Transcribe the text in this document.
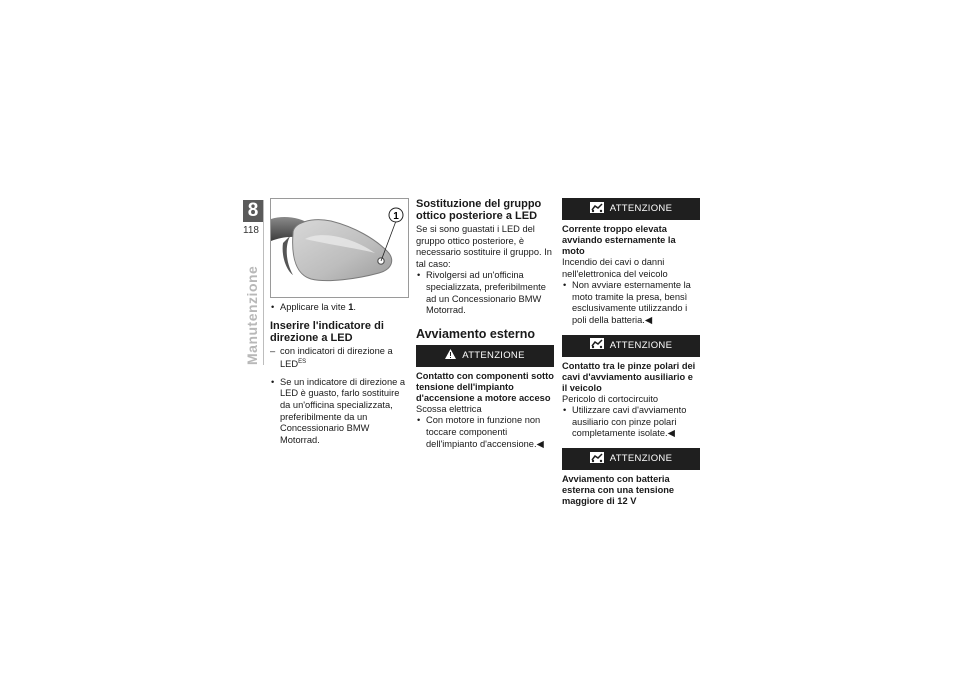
8
118
Manutenzione
1

• Applicare la vite 1.

Inserire l'indicatore di direzione a LED

– con indicatori di direzione a $LED^{ES}$

• Se un indicatore di direzione a LED è guasto, farlo sostituire da un'officina specializzata, preferibilmente da un Concessionario BMW Motorrad.

Sostituzione del gruppo ottico posteriore a LED

Se si sono guastati i LED del gruppo ottico posteriore, è necessario sostituire il gruppo. In tal caso:

• Rivolgersi ad un'officina specializzata, preferibilmente ad un Concessionario BMW Motorrad.

Avviamento esterno
ATTENZIONE

Contatto con componenti sotto tensione dell'impianto d'accensione a motore acceso

Scossa elettrica

• Con motore in funzione non toccare componenti dell'impianto d'accensione.◀

ATTENZIONE

Corrente troppo elevata avviando esternamente la moto

Incendio dei cavi o danni nell'elettronica del veicolo

• Non avviare esternamente la moto tramite la presa, bensì esclusivamente utilizzando i poli della batteria.◀

ATTENZIONE

Contatto tra le pinze polari dei cavi d'avviamento ausiliario e il veicolo

Pericolo di cortocircuito

• Utilizzare cavi d'avviamento ausiliario con pinze polari completamente isolate.◀

ATTENZIONE

Avviamento con batteria esterna con una tensione maggiore di 12 V
